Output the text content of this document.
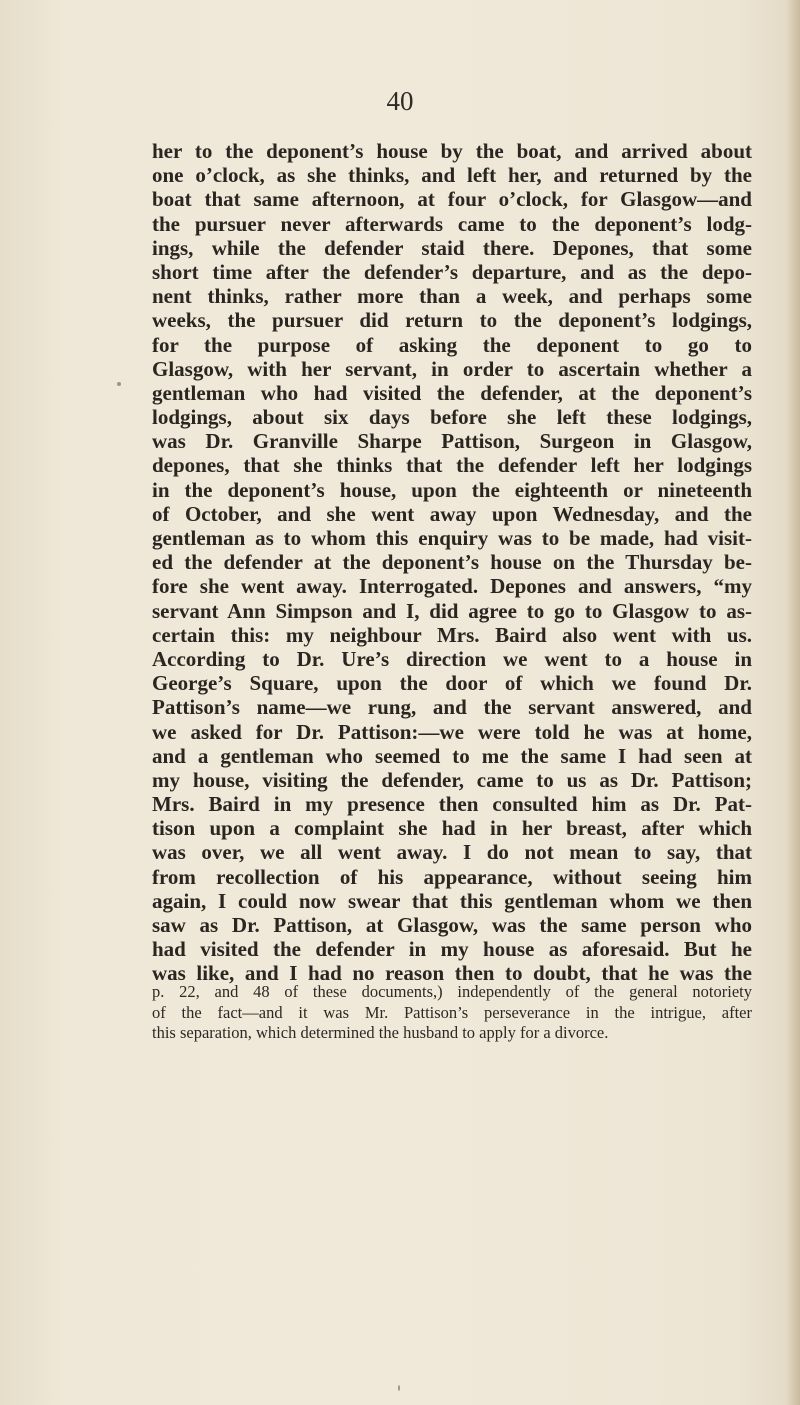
40
her to the deponent’s house by the boat, and arrived about
one o’clock, as she thinks, and left her, and returned by the
boat that same afternoon, at four o’clock, for Glasgow—and
the pursuer never afterwards came to the deponent’s lodg-
ings, while the defender staid there. Depones, that some
short time after the defender’s departure, and as the depo-
nent thinks, rather more than a week, and perhaps some
weeks, the pursuer did return to the deponent’s lodgings,
for the purpose of asking the deponent to go to
Glasgow, with her servant, in order to ascertain whether a
gentleman who had visited the defender, at the deponent’s
lodgings, about six days before she left these lodgings,
was Dr. Granville Sharpe Pattison, Surgeon in Glasgow,
depones, that she thinks that the defender left her lodgings
in the deponent’s house, upon the eighteenth or nineteenth
of October, and she went away upon Wednesday, and the
gentleman as to whom this enquiry was to be made, had visit-
ed the defender at the deponent’s house on the Thursday be-
fore she went away. Interrogated. Depones and answers, “my
servant Ann Simpson and I, did agree to go to Glasgow to as-
certain this: my neighbour Mrs. Baird also went with us.
According to Dr. Ure’s direction we went to a house in
George’s Square, upon the door of which we found Dr.
Pattison’s name—we rung, and the servant answered, and
we asked for Dr. Pattison:—we were told he was at home,
and a gentleman who seemed to me the same I had seen at
my house, visiting the defender, came to us as Dr. Pattison;
Mrs. Baird in my presence then consulted him as Dr. Pat-
tison upon a complaint she had in her breast, after which
was over, we all went away. I do not mean to say, that
from recollection of his appearance, without seeing him
again, I could now swear that this gentleman whom we then
saw as Dr. Pattison, at Glasgow, was the same person who
had visited the defender in my house as aforesaid. But he
was like, and I had no reason then to doubt, that he was the
p. 22, and 48 of these documents,) independently of the general notoriety
of the fact—and it was Mr. Pattison’s perseverance in the intrigue, after
this separation, which determined the husband to apply for a divorce.
